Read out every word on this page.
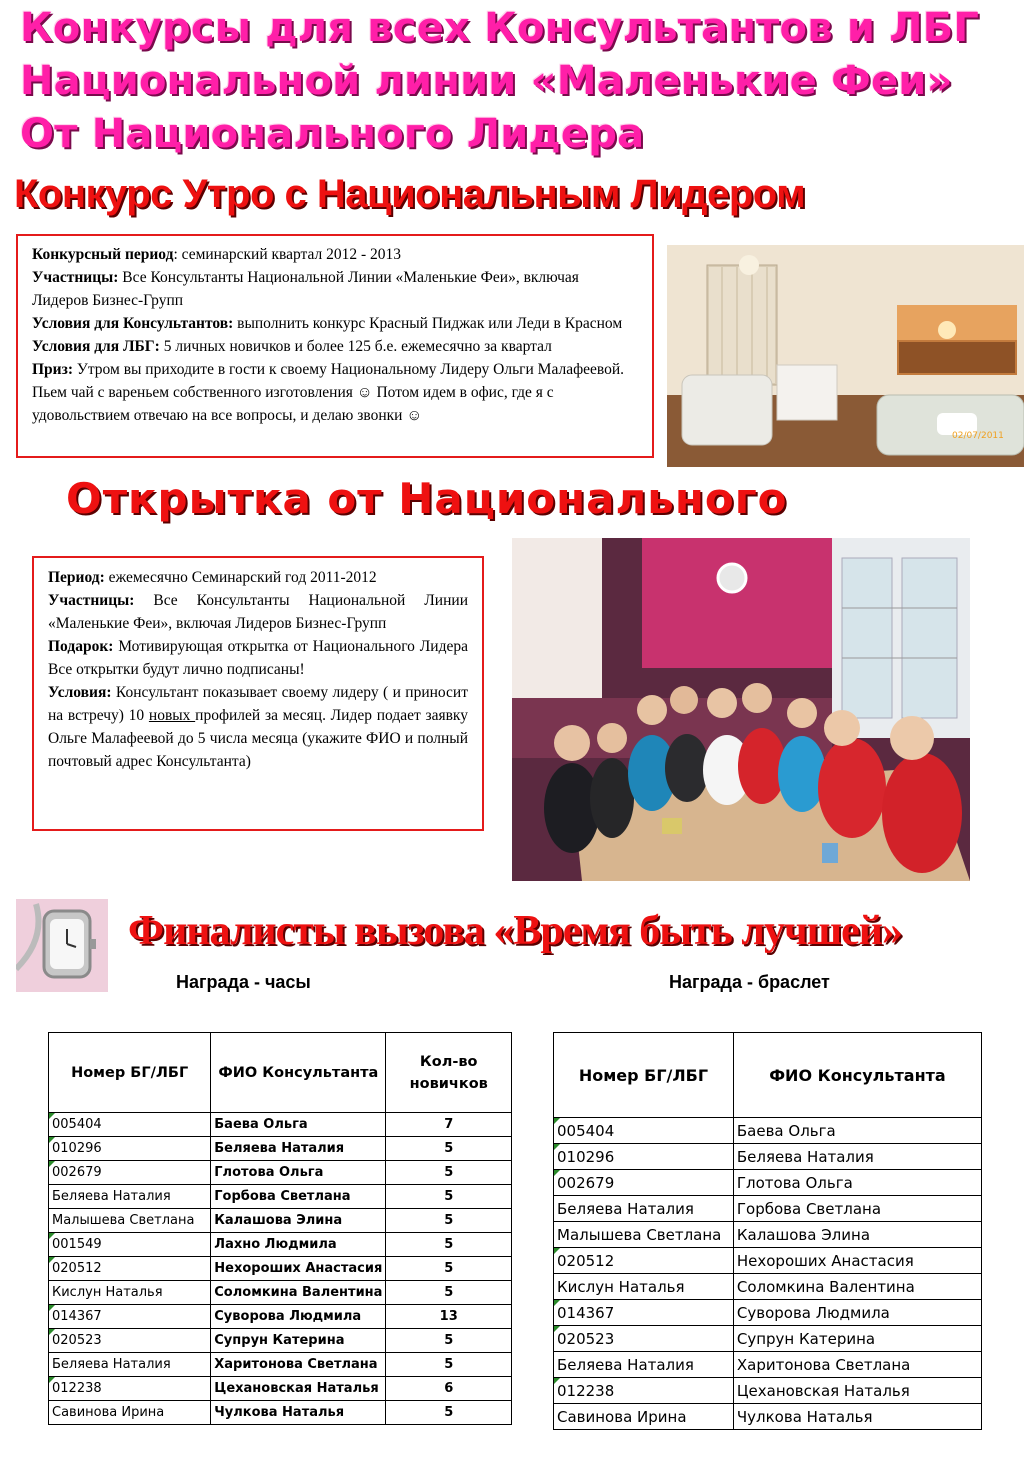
Конкурсы для всех Консультантов и ЛБГ
Национальной линии «Маленькие Феи»
От Национального Лидера
Конкурс Утро с Национальным Лидером

Конкурсный период: семинарский квартал 2012 - 2013

Участницы: Все Консультанты Национальной Линии «Маленькие Феи», включая Лидеров Бизнес-Групп

Условия для Консультантов: выполнить конкурс Красный Пиджак или Леди в Красном

Условия для ЛБГ: 5 личных новичков и более 125 б.е. ежемесячно за квартал

Приз: Утром вы приходите в гости к своему Национальному Лидеру Ольги Малафеевой. Пьем чай с вареньем собственного изготовления ☺ Потом идем в офис, где я с удовольствием отвечаю на все вопросы, и делаю звонки ☺

02/07/2011
Открытка от Национального

Период: ежемесячно Семинарский год 2011-2012

Участницы: Все Консультанты Национальной Линии «Маленькие Феи», включая Лидеров Бизнес-Групп

Подарок: Мотивирующая открытка от Национального Лидера Все открытки будут лично подписаны!

Условия: Консультант показывает своему лидеру ( и приносит на встречу) 10 новых профилей за месяц. Лидер подает заявку Ольге Малафеевой до 5 числа месяца (укажите ФИО и полный почтовый адрес Консультанта)

Финалисты вызова «Время быть лучшей»
Награда - часы	Награда - браслет
Номер БГ/ЛБГ	ФИО Консультанта	Кол-во новичков
005404	Баева Ольга	7
010296	Беляева Наталия	5
002679	Глотова Ольга	5
Беляева Наталия	Горбова Светлана	5
Малышева Светлана	Калашова Элина	5
001549	Лахно Людмила	5
020512	Нехороших Анастасия	5
Кислун Наталья	Соломкина Валентина	5
014367	Суворова Людмила	13
020523	Супрун Катерина	5
Беляева Наталия	Харитонова Светлана	5
012238	Цехановская Наталья	6
Савинова Ирина	Чулкова Наталья	5
Номер БГ/ЛБГ	ФИО Консультанта
005404	Баева Ольга
010296	Беляева Наталия
002679	Глотова Ольга
Беляева Наталия	Горбова Светлана
Малышева Светлана	Калашова Элина
020512	Нехороших Анастасия
Кислун Наталья	Соломкина Валентина
014367	Суворова Людмила
020523	Супрун Катерина
Беляева Наталия	Харитонова Светлана
012238	Цехановская Наталья
Савинова Ирина	Чулкова Наталья
